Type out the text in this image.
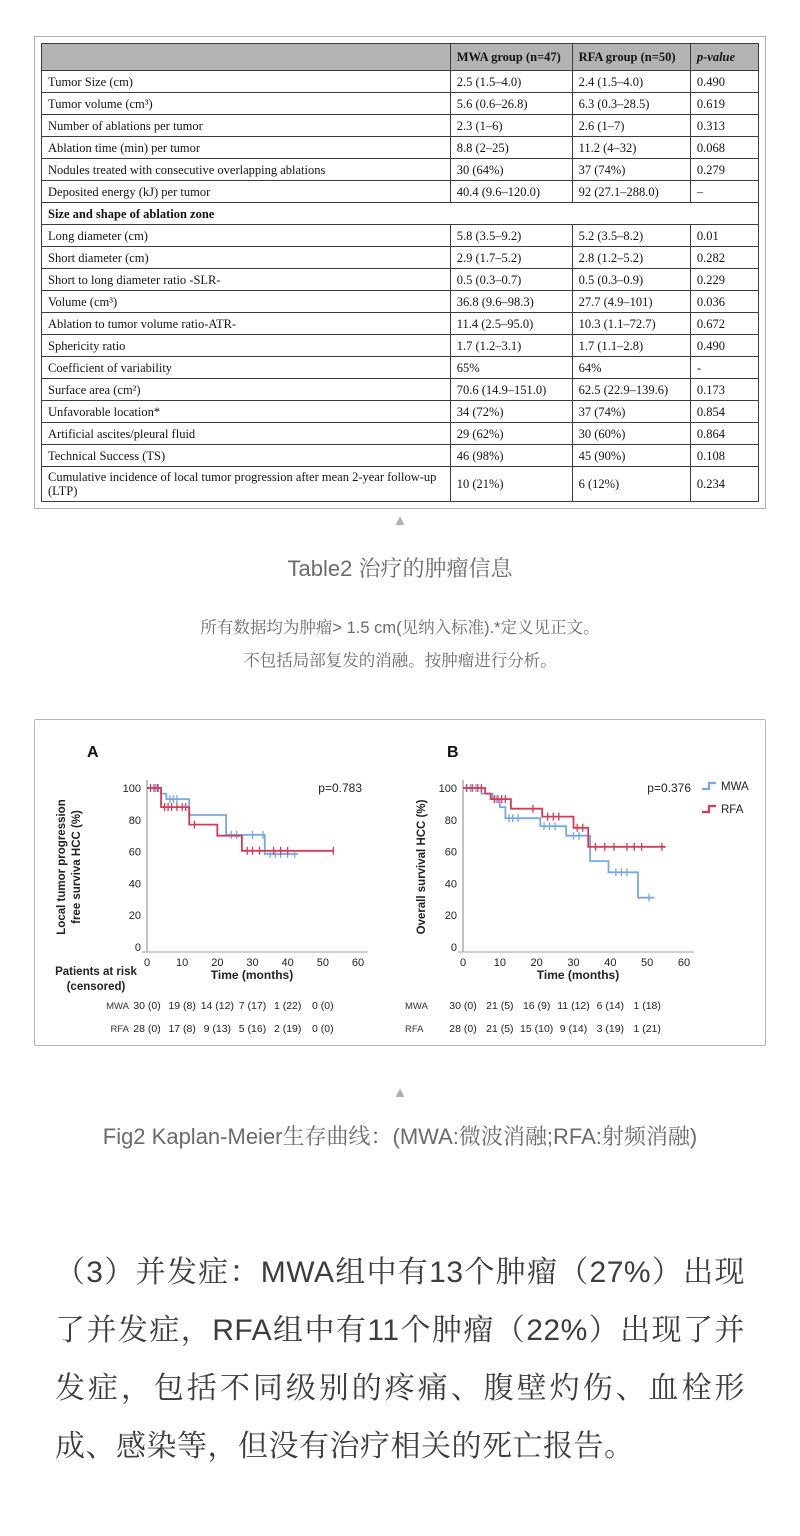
	MWA group (n=47)	RFA group (n=50)	p-value
Tumor Size (cm)	2.5 (1.5–4.0)	2.4 (1.5–4.0)	0.490
Tumor volume (cm³)	5.6 (0.6–26.8)	6.3 (0.3–28.5)	0.619
Number of ablations per tumor	2.3 (1–6)	2.6 (1–7)	0.313
Ablation time (min) per tumor	8.8 (2–25)	11.2 (4–32)	0.068
Nodules treated with consecutive overlapping ablations	30 (64%)	37 (74%)	0.279
Deposited energy (kJ) per tumor	40.4 (9.6–120.0)	92 (27.1–288.0)	–
Size and shape of ablation zone			
Long diameter (cm)	5.8 (3.5–9.2)	5.2 (3.5–8.2)	0.01
Short diameter (cm)	2.9 (1.7–5.2)	2.8 (1.2–5.2)	0.282
Short to long diameter ratio -SLR-	0.5 (0.3–0.7)	0.5 (0.3–0.9)	0.229
Volume (cm³)	36.8 (9.6–98.3)	27.7 (4.9–101)	0.036
Ablation to tumor volume ratio-ATR-	11.4 (2.5–95.0)	10.3 (1.1–72.7)	0.672
Sphericity ratio	1.7 (1.2–3.1)	1.7 (1.1–2.8)	0.490
Coefficient of variability	65%	64%	-
Surface area (cm²)	70.6 (14.9–151.0)	62.5 (22.9–139.6)	0.173
Unfavorable location*	34 (72%)	37 (74%)	0.854
Artificial ascites/pleural fluid	29 (62%)	30 (60%)	0.864
Technical Success (TS)	46 (98%)	45 (90%)	0.108
Cumulative incidence of local tumor progression after mean 2-year follow-up (LTP)	10 (21%)	6 (12%)	0.234
▲
Table2 治疗的肿瘤信息
所有数据均为肿瘤> 1.5 cm(见纳入标准).*定义见正文。
不包括局部复发的消融。按肿瘤进行分析。
100
80
60
40
20
0
0 10 20 30 40 50 60
A
p=0.783
Local tumor progression free surviva HCC (%)
Time (months)
Patients at risk
(censored)
MWA 30 (0) 19 (8) 14 (12) 7 (17) 1 (22) 0 (0)
RFA 28 (0) 17 (8) 9 (13) 5 (16) 2 (19) 0 (0)
100
80
60
40
20
0
0	10 20 30 40 50 60
B
p=0.376
Overall survival HCC (%)
Time (months)
MWA
RFA
MWA 30 (0) 21 (5) 16 (9) 11 (12) 6 (14) 1 (18)
RFA 28 (0) 21 (5) 15 (10) 9 (14) 3 (19) 1 (21)
▲
Fig2 Kaplan-Meier生存曲线：(MWA:微波消融;RFA:射频消融)

（3）并发症：MWA组中有13个肿瘤（27%）出现了并发症，RFA组中有11个肿瘤（22%）出现了并发症，包括不同级别的疼痛、腹壁灼伤、血栓形成、感染等，但没有治疗相关的死亡报告。
